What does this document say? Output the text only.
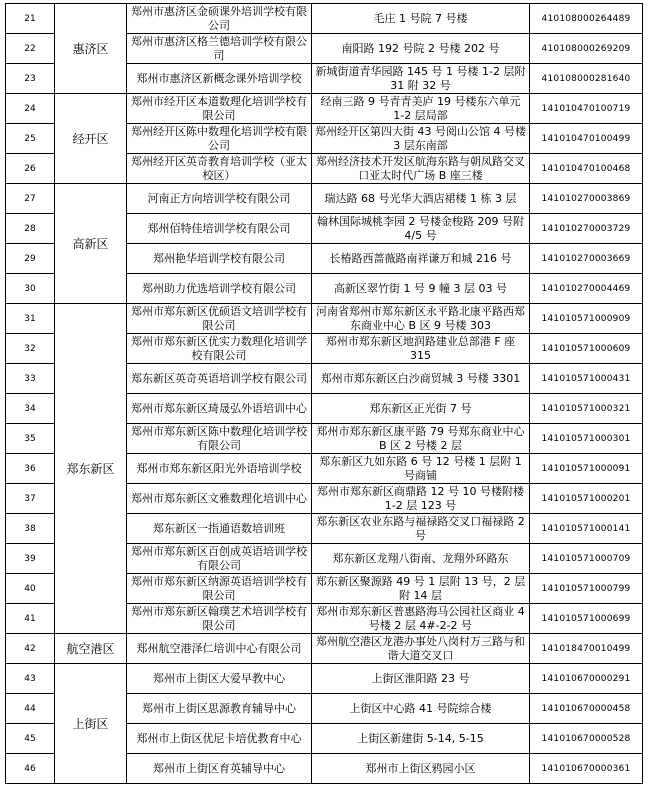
21	惠济区	郑州市惠济区金硕课外培训学校有限公司	毛庄 1 号院 7 号楼	410108000264489
22		郑州市惠济区格兰德培训学校有限公司	南阳路 192 号院 2 号楼 202 号	410108000269209
23		郑州市惠济区新概念课外培训学校	新城街道青华园路 145 号 1 号楼 1-2 层附 31 附 32 号	410108000281640
24	经开区	郑州市经开区本道数理化培训学校有限公司	经南三路 9 号青青美庐 19 号楼东六单元 1-2 层局部	141010470100719
25		郑州经开区陈中数理化培训学校有限公司	郑州经开区第四大街 43 号阅山公馆 4 号楼 3 层东南部	141010470100499
26		郑州经开区英奇教育培训学校（亚太校区）	郑州经济技术开发区航海东路与朝凤路交叉口亚太时代广场 B 座三楼	141010470100468
27	高新区	河南正方向培训学校有限公司	瑞达路 68 号光华大酒店裙楼 1 栋 3 层	141010270003869
28		郑州佰特佳培训学校有限公司	翰林国际城桃李园 2 号楼金梭路 209 号附 4/5 号	141010270003729
29		郑州艳华培训学校有限公司	长椿路西蔷薇路南祥谦万和城 216 号	141010270003669
30		郑州助力优选培训学校有限公司	高新区翠竹街 1 号 9 幢 3 层 03 号	141010270004469
31	郑东新区	郑州市郑东新区优硕语文培训学校有限公司	河南省郑州市郑东新区永平路北康平路西郑东商业中心 B 区 9 号楼 303	141010571000909
32		郑州市郑东新区优实力数理化培训学校有限公司	郑州市郑东新区地润路建业总部港 F 座 315	141010571000609
33		郑东新区英奇英语培训学校有限公司	郑州市郑东新区白沙商贸城 3 号楼 3301	141010571000431
34		郑州市郑东新区琦晟弘外语培训中心	郑东新区正光街 7 号	141010571000321
35		郑州市郑东新区陈中数理化培训学校有限公司	郑州市郑东新区康平路 79 号郑东商业中心 B 区 2 号楼 2 层	141010571000301
36		郑州市郑东新区阳光外语培训学校	郑东新区九如东路 6 号 12 号楼 1 层附 1 号商铺	141010571000091
37		郑州市郑东新区文雅数理化培训中心	郑州市郑东新区商鼎路 12 号 10 号楼附楼 1-2 层 123 号	141010571000201
38		郑东新区一指通语数培训班	郑东新区农业东路与福禄路交叉口福禄路 2 号	141010571000141
39		郑州市郑东新区百创成英语培训学校有限公司	郑东新区龙翔八街南、龙翔外环路东	141010571000709
40		郑州市郑东新区纳源英语培训学校有限公司	郑东新区聚源路 49 号 1 层附 13 号，2 层附 14 层	141010571000799
41		郑州市郑东新区翰璞艺术培训学校有限公司	郑州市郑东新区普惠路海马公园社区商业 4 号楼 2 层 4#-2-2 号	141010571000699
42	航空港区	郑州航空港泽仁培训中心有限公司	郑州航空港区龙港办事处八岗村万三路与和谐大道交叉口	141018470010499
43	上街区	郑州市上街区大爱早教中心	上街区淮阳路 23 号	141010670000291
44		郑州市上街区思源教育辅导中心	上街区中心路 41 号院综合楼	141010670000458
45		郑州市上街区优尼卡培优教育中心	上街区新建街 5-14, 5-15	141010670000528
46		郑州市上街区育英辅导中心	郑州市上街区鸦园小区	141010670000361
